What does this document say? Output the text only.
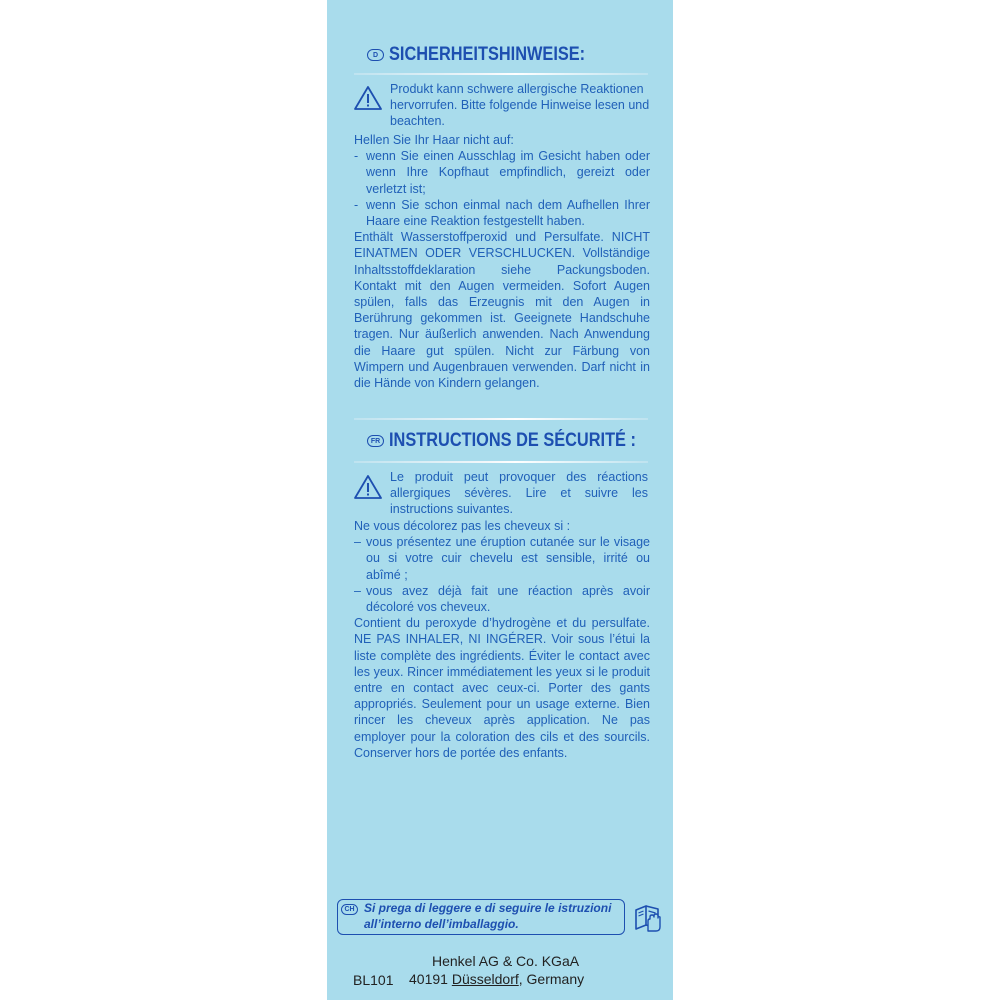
D SICHERHEITSHINWEISE:
Produkt kann schwere allergische Reaktionen hervorrufen. Bitte folgende Hinweise lesen und beachten.

Hellen Sie Ihr Haar nicht auf:

- wenn Sie einen Ausschlag im Gesicht haben oder wenn Ihre Kopfhaut empfindlich, gereizt oder verletzt ist;
- wenn Sie schon einmal nach dem Aufhellen Ihrer Haare eine Reaktion festgestellt haben.

Enthält Wasserstoffperoxid und Persulfate. NICHT EINATMEN ODER VERSCHLUCKEN. Vollständige Inhaltsstoffdeklaration siehe Packungsboden. Kontakt mit den Augen vermeiden. Sofort Augen spülen, falls das Erzeugnis mit den Augen in Berührung gekommen ist. Geeignete Handschuhe tragen. Nur äußerlich anwenden. Nach Anwendung die Haare gut spülen. Nicht zur Färbung von Wimpern und Augenbrauen verwenden. Darf nicht in die Hände von Kindern gelangen.

FR INSTRUCTIONS DE SÉCURITÉ :
Le produit peut provoquer des réactions allergiques sévères. Lire et suivre les instructions suivantes.

Ne vous décolorez pas les cheveux si :

– vous présentez une éruption cutanée sur le visage ou si votre cuir chevelu est sensible, irrité ou abîmé ;
– vous avez déjà fait une réaction après avoir décoloré vos cheveux.

Contient du peroxyde d’hydrogène et du persulfate. NE PAS INHALER, NI INGÉRER. Voir sous l’étui la liste complète des ingrédients. Éviter le contact avec les yeux. Rincer immédiatement les yeux si le produit entre en contact avec ceux-ci. Porter des gants appropriés. Seulement pour un usage externe. Bien rincer les cheveux après application. Ne pas employer pour la coloration des cils et des sourcils. Conserver hors de portée des enfants.

CH Si prega di leggere e di seguire le istruzioni all’interno dell’imballaggio.
BL101
Henkel AG & Co. KGaA
40191 Düsseldorf, Germany
